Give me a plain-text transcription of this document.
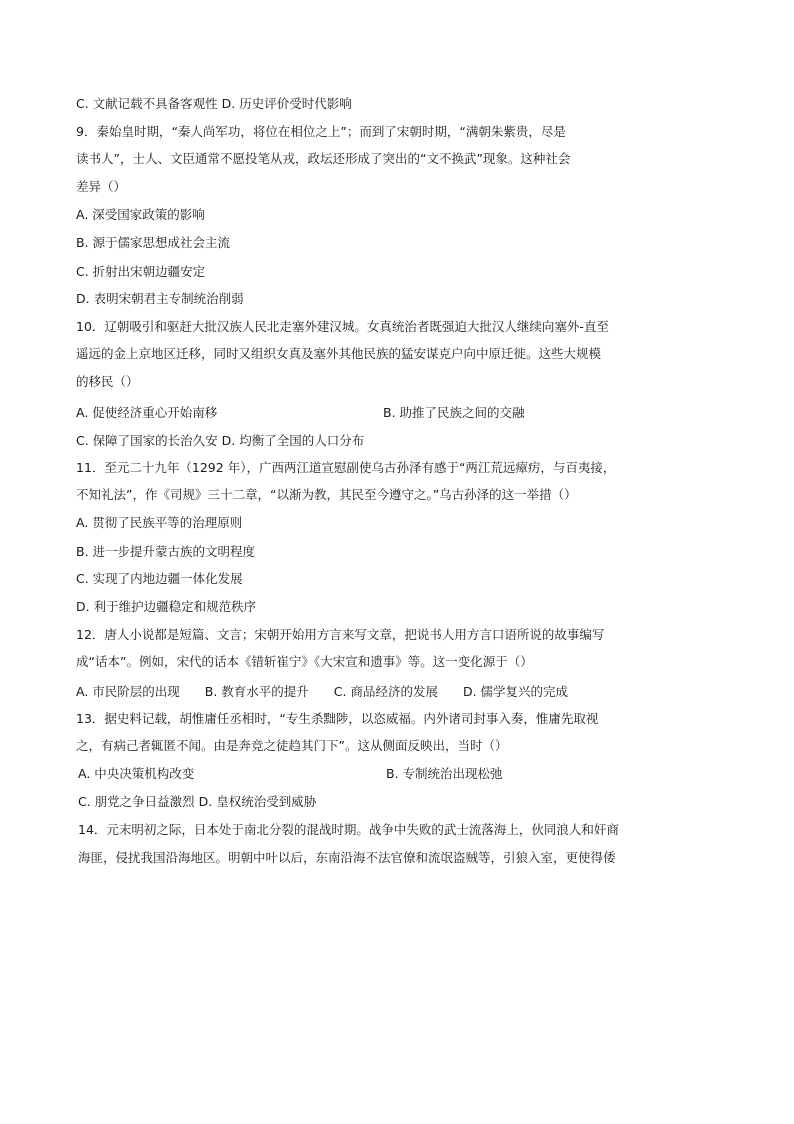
C. 文献记载不具备客观性 D. 历史评价受时代影响

9．秦始皇时期，“秦人尚军功，将位在相位之上”；而到了宋朝时期，“满朝朱紫贵，尽是

读书人”，士人、文臣通常不愿投笔从戎，政坛还形成了突出的“文不换武”现象。这种社会

差异（）

A. 深受国家政策的影响

B. 源于儒家思想成社会主流

C. 折射出宋朝边疆安定

D. 表明宋朝君主专制统治削弱

10．辽朝吸引和驱赶大批汉族人民北走塞外建汉城。女真统治者既强迫大批汉人继续向塞外-直至

遥远的金上京地区迁移，同时又组织女真及塞外其他民族的猛安谋克户向中原迁徙。这些大规模

的移民（）

A. 促使经济重心开始南移	B. 助推了民族之间的交融

C. 保障了国家的长治久安 D. 均衡了全国的人口分布

11．至元二十九年（1292 年），广西两江道宣慰副使乌古孙泽有感于“两江荒远瘴疠，与百夷接，

不知礼法”，作《司规》三十二章，“以渐为教，其民至今遵守之。”乌古孙泽的这一举措（）

A. 贯彻了民族平等的治理原则

B. 进一步提升蒙古族的文明程度

C. 实现了内地边疆一体化发展

D. 利于维护边疆稳定和规范秩序

12．唐人小说都是短篇、文言；宋朝开始用方言来写文章，把说书人用方言口语所说的故事编写

成“话本”。例如，宋代的话本《错斩崔宁》《大宋宣和遗事》等。这一变化源于（）

A. 市民阶层的出现　　B. 教育水平的提升　　C. 商品经济的发展　　D. 儒学复兴的完成

13．据史料记载，胡惟庸任丞相时，“专生杀黜陟，以恣威福。内外诸司封事入奏，惟庸先取视

之，有病己者辄匿不闻。由是奔竞之徒趋其门下”。这从侧面反映出，当时（）

A. 中央决策机构改变	B. 专制统治出现松弛

C. 朋党之争日益激烈 D. 皇权统治受到威胁

14．元末明初之际，日本处于南北分裂的混战时期。战争中失败的武士流落海上，伙同浪人和奸商

海匪，侵扰我国沿海地区。明朝中叶以后，东南沿海不法官僚和流氓盗贼等，引狼入室，更使得倭
